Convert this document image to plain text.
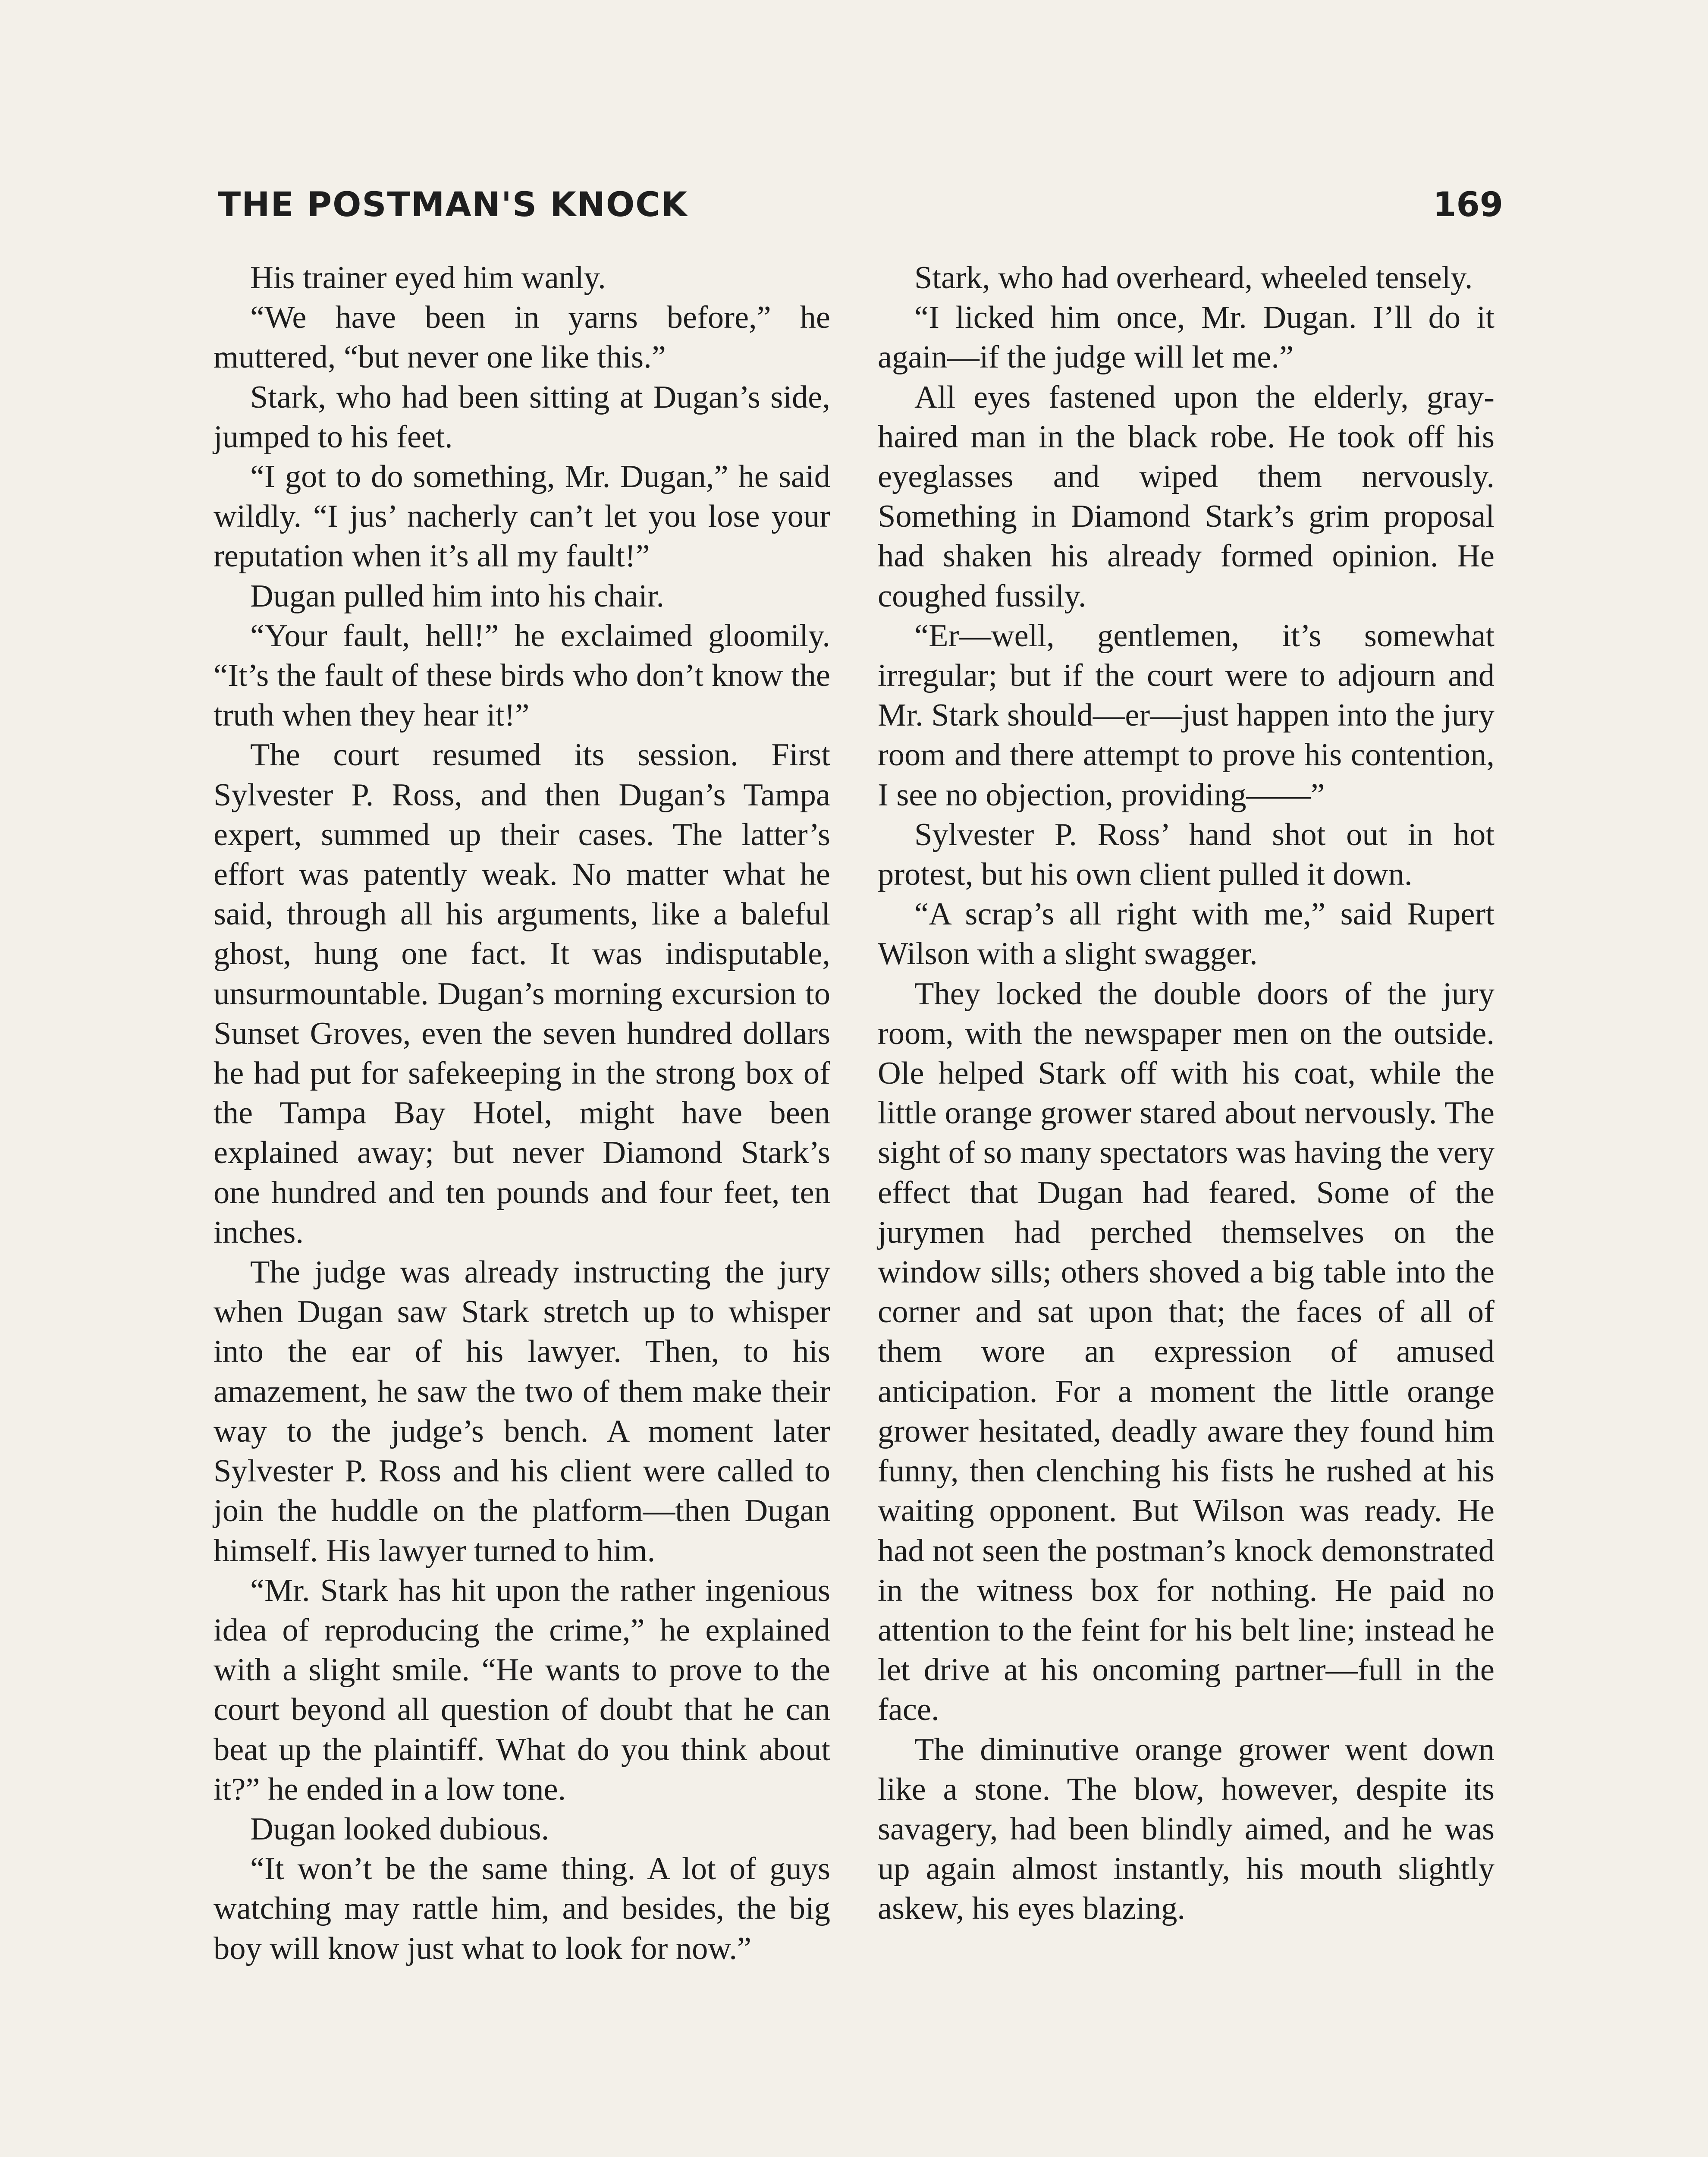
THE POSTMAN'S KNOCK	169

His trainer eyed him wanly.

“We have been in yarns before,” he muttered, “but never one like this.”

Stark, who had been sitting at Dugan’s side, jumped to his feet.

“I got to do something, Mr. Dugan,” he said wildly. “I jus’ nacherly can’t let you lose your reputation when it’s all my fault!”

Dugan pulled him into his chair.

“Your fault, hell!” he exclaimed gloomily. “It’s the fault of these birds who don’t know the truth when they hear it!”

The court resumed its session. First Sylvester P. Ross, and then Dugan’s Tampa expert, summed up their cases. The latter’s effort was patently weak. No matter what he said, through all his arguments, like a baleful ghost, hung one fact. It was indisputable, unsurmountable. Dugan’s morning excursion to Sunset Groves, even the seven hundred dollars he had put for safekeeping in the strong box of the Tampa Bay Hotel, might have been explained away; but never Diamond Stark’s one hundred and ten pounds and four feet, ten inches.

The judge was already instructing the jury when Dugan saw Stark stretch up to whisper into the ear of his lawyer. Then, to his amazement, he saw the two of them make their way to the judge’s bench. A moment later Sylvester P. Ross and his client were called to join the huddle on the platform—then Dugan himself. His lawyer turned to him.

“Mr. Stark has hit upon the rather ingenious idea of reproducing the crime,” he explained with a slight smile. “He wants to prove to the court beyond all question of doubt that he can beat up the plaintiff. What do you think about it?” he ended in a low tone.

Dugan looked dubious.

“It won’t be the same thing. A lot of guys watching may rattle him, and besides, the big boy will know just what to look for now.”

Stark, who had overheard, wheeled tensely.

“I licked him once, Mr. Dugan. I’ll do it again—if the judge will let me.”

All eyes fastened upon the elderly, gray-haired man in the black robe. He took off his eyeglasses and wiped them nervously. Something in Diamond Stark’s grim proposal had shaken his already formed opinion. He coughed fussily.

“Er—well, gentlemen, it’s somewhat irregular; but if the court were to adjourn and Mr. Stark should—er—just happen into the jury room and there attempt to prove his contention, I see no objection, providing——”

Sylvester P. Ross’ hand shot out in hot protest, but his own client pulled it down.

“A scrap’s all right with me,” said Rupert Wilson with a slight swagger.

They locked the double doors of the jury room, with the newspaper men on the outside. Ole helped Stark off with his coat, while the little orange grower stared about nervously. The sight of so many spectators was having the very effect that Dugan had feared. Some of the jurymen had perched themselves on the window sills; others shoved a big table into the corner and sat upon that; the faces of all of them wore an expression of amused anticipation. For a moment the little orange grower hesitated, deadly aware they found him funny, then clenching his fists he rushed at his waiting opponent. But Wilson was ready. He had not seen the postman’s knock demonstrated in the witness box for nothing. He paid no attention to the feint for his belt line; instead he let drive at his oncoming partner—full in the face.

The diminutive orange grower went down like a stone. The blow, however, despite its savagery, had been blindly aimed, and he was up again almost instantly, his mouth slightly askew, his eyes blazing.
